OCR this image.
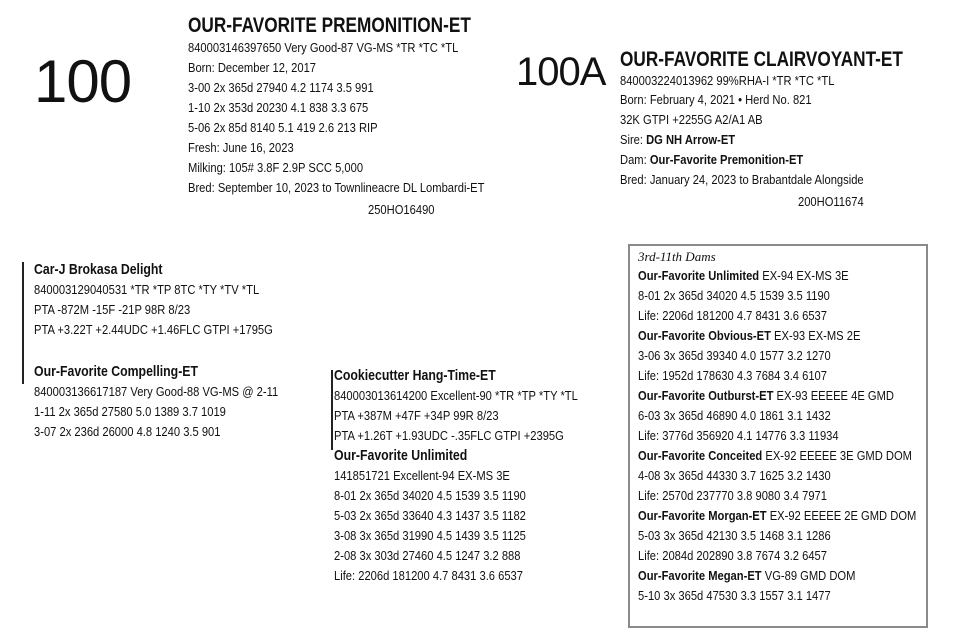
100
OUR-FAVORITE PREMONITION-ET
840003146397650 Very Good-87 VG-MS *TR *TC *TL
Born: December 12, 2017
3-00 2x 365d 27940 4.2 1174 3.5 991
1-10 2x 353d 20230 4.1 838 3.3 675
5-06 2x 85d 8140 5.1 419 2.6 213 RIP
Fresh: June 16, 2023
Milking: 105# 3.8F 2.9P SCC 5,000
Bred: September 10, 2023 to Townlineacre DL Lombardi-ET
250HO16490
100A OUR-FAVORITE CLAIRVOYANT-ET
840003224013962 99%RHA-I *TR *TC *TL
Born: February 4, 2021 • Herd No. 821
32K GTPI +2255G A2/A1 AB
Sire: DG NH Arrow-ET
Dam: Our-Favorite Premonition-ET
Bred: January 24, 2023 to Brabantdale Alongside
200HO11674
Car-J Brokasa Delight
840003129040531 *TR *TP 8TC *TY *TV *TL
PTA -872M -15F -21P 98R 8/23
PTA +3.22T +2.44UDC +1.46FLC GTPI +1795G
Our-Favorite Compelling-ET
840003136617187 Very Good-88 VG-MS @ 2-11
1-11 2x 365d 27580 5.0 1389 3.7 1019
3-07 2x 236d 26000 4.8 1240 3.5 901
Cookiecutter Hang-Time-ET
840003013614200 Excellent-90 *TR *TP *TY *TL
PTA +387M +47F +34P 99R 8/23
PTA +1.26T +1.93UDC -.35FLC GTPI +2395G
Our-Favorite Unlimited
141851721 Excellent-94 EX-MS 3E
8-01 2x 365d 34020 4.5 1539 3.5 1190
5-03 2x 365d 33640 4.3 1437 3.5 1182
3-08 3x 365d 31990 4.5 1439 3.5 1125
2-08 3x 303d 27460 4.5 1247 3.2 888
Life: 2206d 181200 4.7 8431 3.6 6537
3rd-11th Dams
Our-Favorite Unlimited EX-94 EX-MS 3E
8-01 2x 365d 34020 4.5 1539 3.5 1190
Life: 2206d 181200 4.7 8431 3.6 6537
Our-Favorite Obvious-ET EX-93 EX-MS 2E
3-06 3x 365d 39340 4.0 1577 3.2 1270
Life: 1952d 178630 4.3 7684 3.4 6107
Our-Favorite Outburst-ET EX-93 EEEEE 4E GMD
6-03 3x 365d 46890 4.0 1861 3.1 1432
Life: 3776d 356920 4.1 14776 3.3 11934
Our-Favorite Conceited EX-92 EEEEE 3E GMD DOM
4-08 3x 365d 44330 3.7 1625 3.2 1430
Life: 2570d 237770 3.8 9080 3.4 7971
Our-Favorite Morgan-ET EX-92 EEEEE 2E GMD DOM
5-03 3x 365d 42130 3.5 1468 3.1 1286
Life: 2084d 202890 3.8 7674 3.2 6457
Our-Favorite Megan-ET VG-89 GMD DOM
5-10 3x 365d 47530 3.3 1557 3.1 1477
